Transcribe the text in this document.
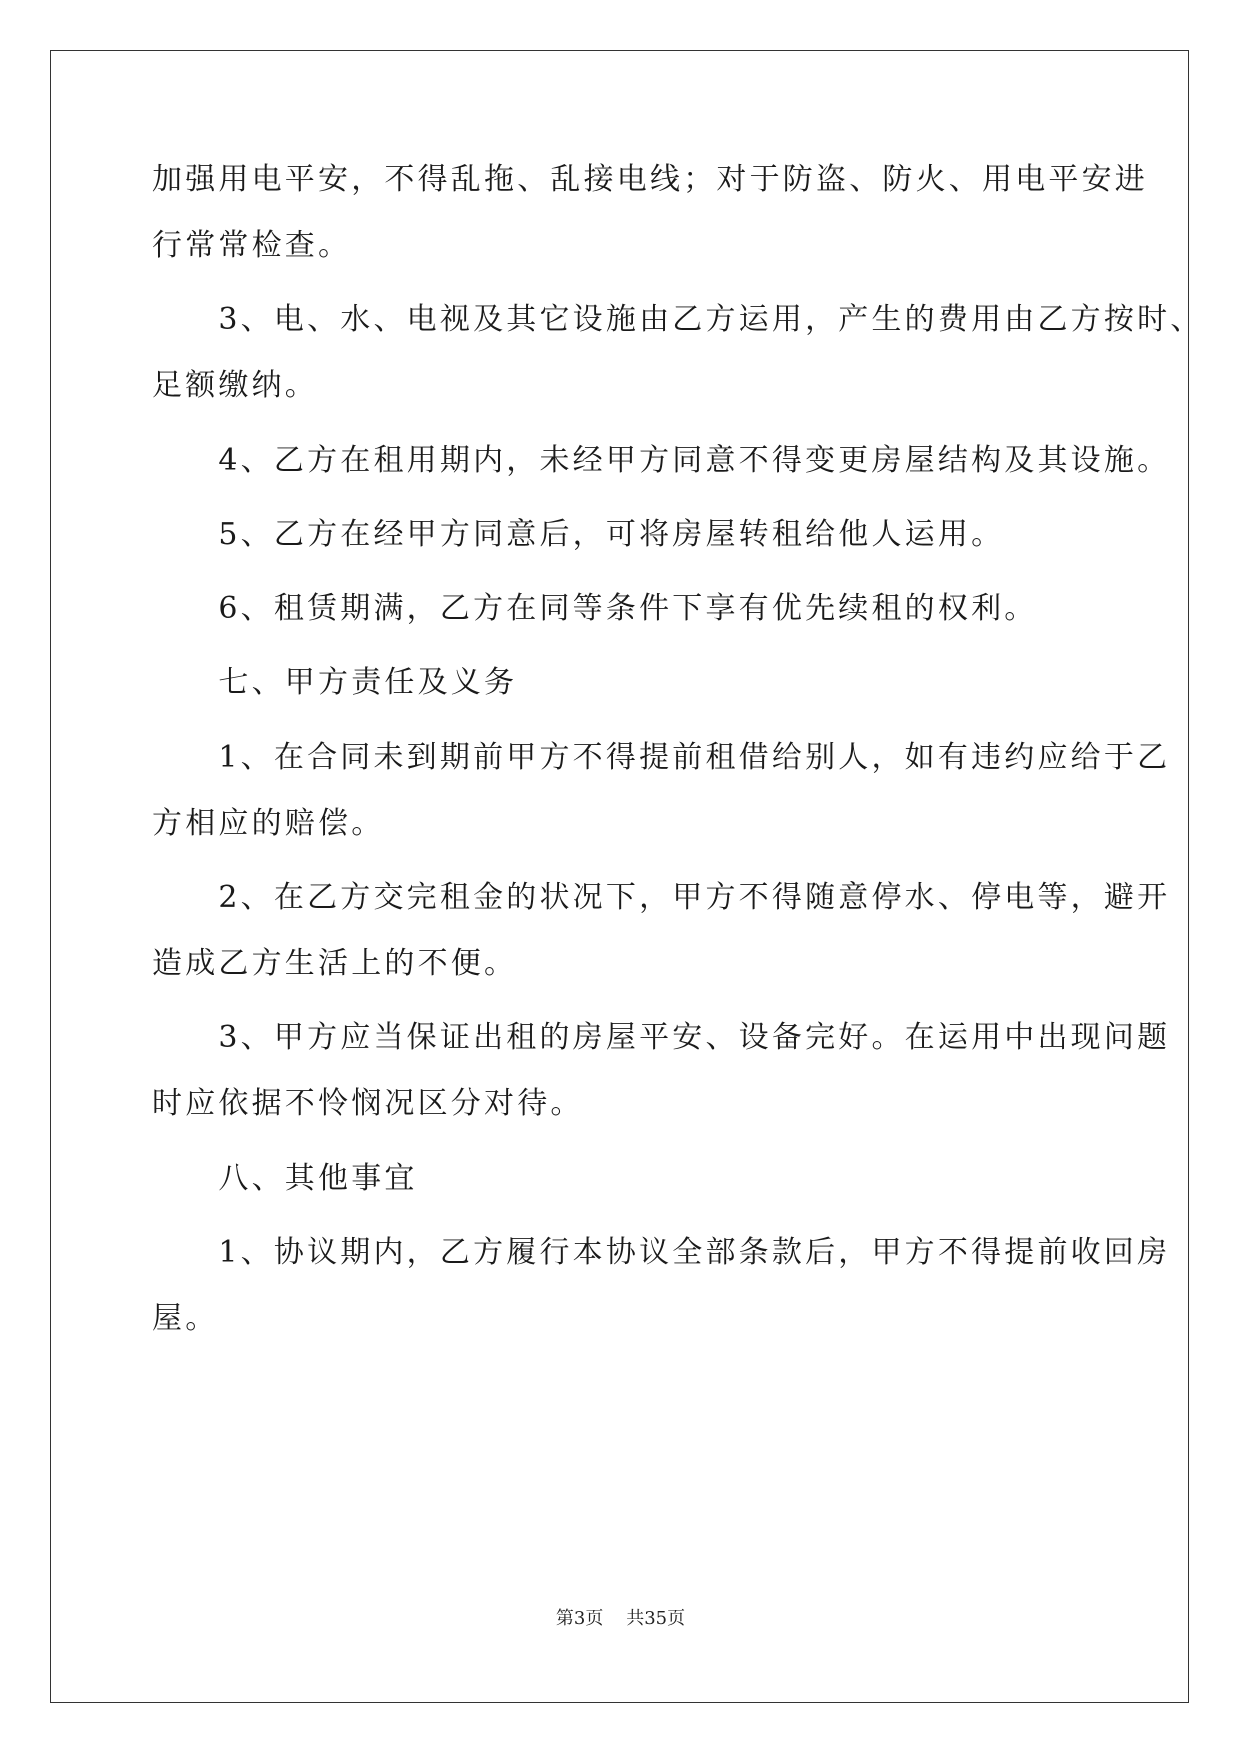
加强用电平安，不得乱拖、乱接电线；对于防盗、防火、用电平安进
行常常检查。
　　3、电、水、电视及其它设施由乙方运用，产生的费用由乙方按时、
足额缴纳。
　　4、乙方在租用期内，未经甲方同意不得变更房屋结构及其设施。
　　5、乙方在经甲方同意后，可将房屋转租给他人运用。
　　6、租赁期满，乙方在同等条件下享有优先续租的权利。
　　七、甲方责任及义务
　　1、在合同未到期前甲方不得提前租借给别人，如有违约应给于乙
方相应的赔偿。
　　2、在乙方交完租金的状况下，甲方不得随意停水、停电等，避开
造成乙方生活上的不便。
　　3、甲方应当保证出租的房屋平安、设备完好。在运用中出现问题
时应依据不怜悯况区分对待。
　　八、其他事宜
　　1、协议期内，乙方履行本协议全部条款后，甲方不得提前收回房
屋。
第3页 共35页
